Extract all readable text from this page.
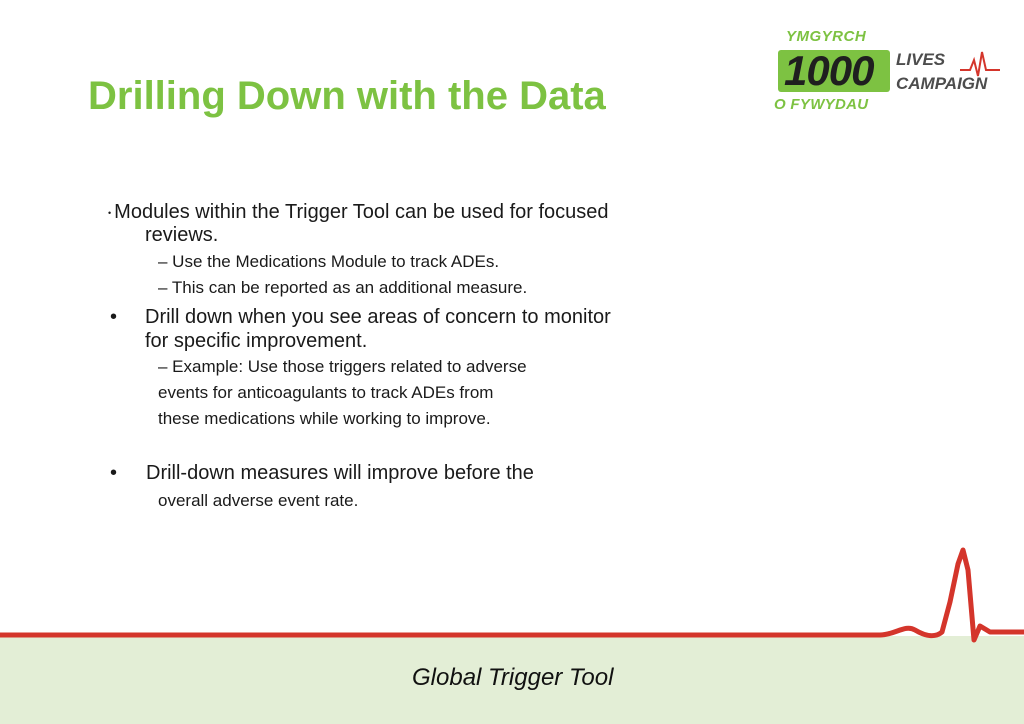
Drilling Down with the Data
YMGYRCH
1000 LIVES
CAMPAIGN
O FYWYDAU
• Modules within the Trigger Tool can be used for focused
reviews.
– Use the Medications Module to track ADEs.
– This can be reported as an additional measure.
• Drill down when you see areas of concern to monitor
for specific improvement.
– Example: Use those triggers related to adverse
events for anticoagulants to track ADEs from
these medications while working to improve.
• Drill-down measures will improve before the
overall adverse event rate.
Global Trigger Tool
